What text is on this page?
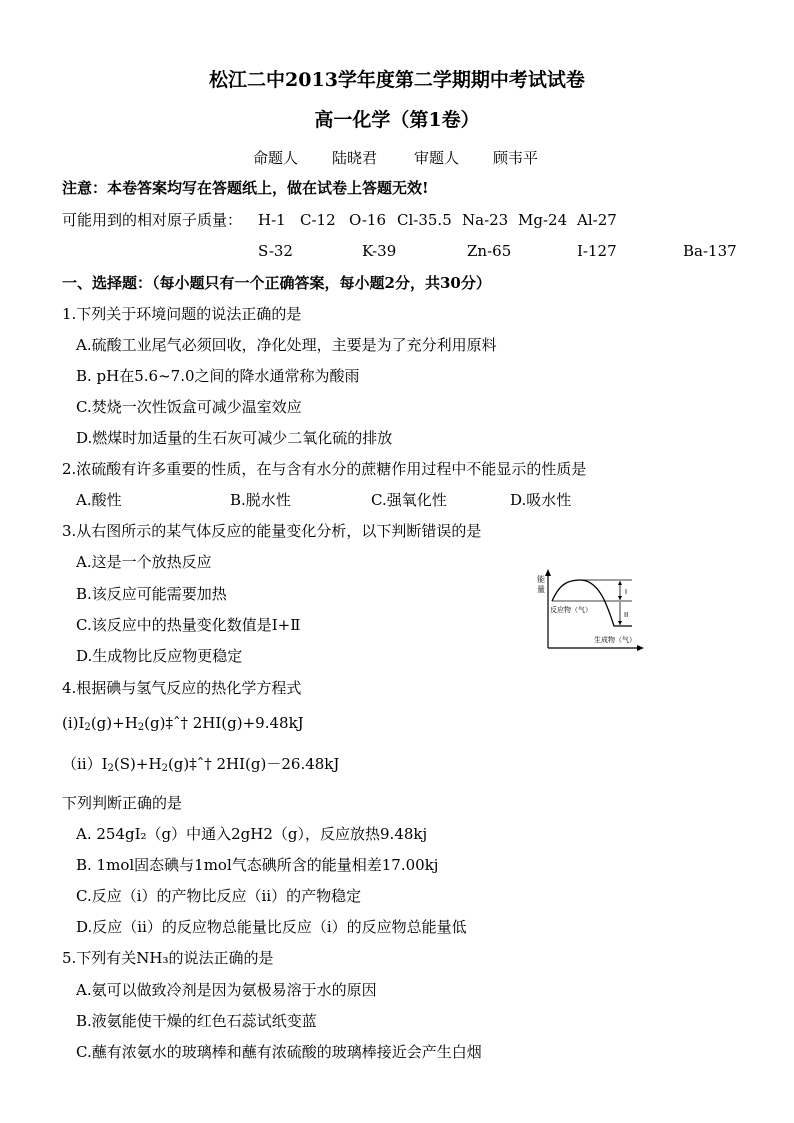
松江二中2013学年度第二学期期中考试试卷
高一化学（第1卷）
命题人 陆晓君 审题人 顾韦平
注意：本卷答案均写在答题纸上，做在试卷上答题无效!
可能用到的相对原子质量： H-1 C-12 O-16 Cl-35.5 Na-23 Mg-24 Al-27
S-32	K-39	Zn-65	I-127	Ba-137
一、选择题：（每小题只有一个正确答案，每小题2分，共30分）
1.下列关于环境问题的说法正确的是
A.硫酸工业尾气必须回收，净化处理，主要是为了充分利用原料
B. pH在5.6~7.0之间的降水通常称为酸雨
C.焚烧一次性饭盒可减少温室效应
D.燃煤时加适量的生石灰可减少二氧化硫的排放
2.浓硫酸有许多重要的性质，在与含有水分的蔗糖作用过程中不能显示的性质是
A.酸性	B.脱水性	C.强氧化性	D.吸水性
3.从右图所示的某气体反应的能量变化分析，以下判断错误的是
A.这是一个放热反应
B.该反应可能需要加热
C.该反应中的热量变化数值是Ⅰ+Ⅱ
D.生成物比反应物更稳定
能
量	I
II
反应物（气）
生成物（气）
4.根据碘与氢气反应的热化学方程式
$(ⅰ)I_2(g)+H_2(g)\ddagger ˆ\dagger$ 2HI(g)+9.48kJ
$(ⅱ)I_2(S)+H_2(g)\ddagger ˆ\dagger$ 2HI(g)－26.48kJ
下列判断正确的是
A. 254gI₂（g）中通入2gH2（g），反应放热9.48kj
B. 1mol固态碘与1mol气态碘所含的能量相差17.00kj
C.反应（ⅰ）的产物比反应（ⅱ）的产物稳定
D.反应（ⅱ）的反应物总能量比反应（ⅰ）的反应物总能量低
5.下列有关NH₃的说法正确的是
A.氨可以做致冷剂是因为氨极易溶于水的原因
B.液氨能使干燥的红色石蕊试纸变蓝
C.蘸有浓氨水的玻璃棒和蘸有浓硫酸的玻璃棒接近会产生白烟
